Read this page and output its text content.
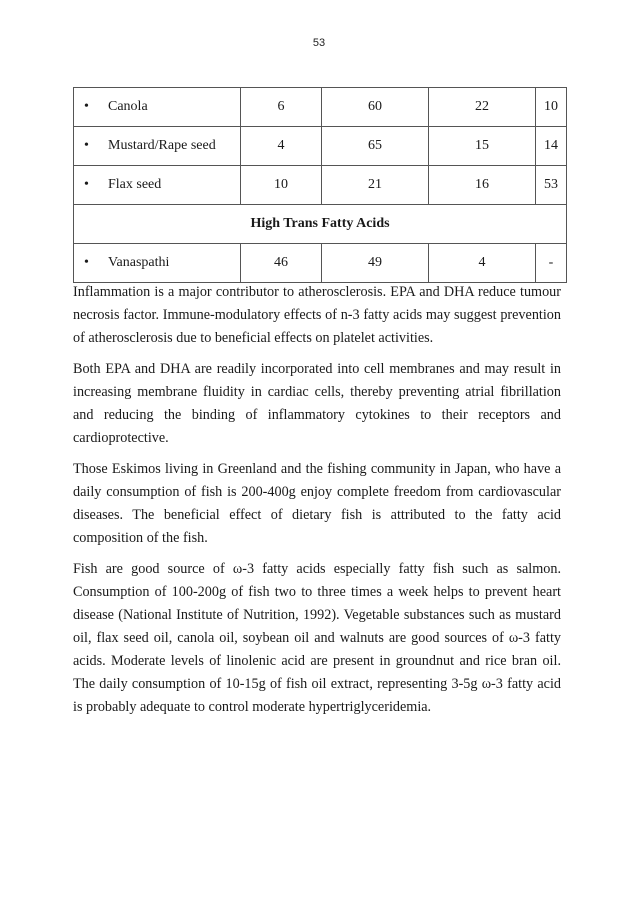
53
• Canola	6	60	22	10

• Mustard/Rape seed	4	65	15	14

• Flax seed	10	21	16	53
High Trans Fatty Acids				

• Vanaspathi	46	49	4	-

Inflammation is a major contributor to atherosclerosis. EPA and DHA reduce tumour necrosis factor. Immune-modulatory effects of n-3 fatty acids may suggest prevention of atherosclerosis due to beneficial effects on platelet activities.

Both EPA and DHA are readily incorporated into cell membranes and may result in increasing membrane fluidity in cardiac cells, thereby preventing atrial fibrillation and reducing the binding of inflammatory cytokines to their receptors and cardioprotective.

Those Eskimos living in Greenland and the fishing community in Japan, who have a daily consumption of fish is 200-400g enjoy complete freedom from cardiovascular diseases. The beneficial effect of dietary fish is attributed to the fatty acid composition of the fish.

Fish are good source of ω-3 fatty acids especially fatty fish such as salmon. Consumption of 100-200g of fish two to three times a week helps to prevent heart disease (National Institute of Nutrition, 1992). Vegetable substances such as mustard oil, flax seed oil, canola oil, soybean oil and walnuts are good sources of ω-3 fatty acids. Moderate levels of linolenic acid are present in groundnut and rice bran oil. The daily consumption of 10-15g of fish oil extract, representing 3-5g ω-3 fatty acid is probably adequate to control moderate hypertriglyceridemia.
